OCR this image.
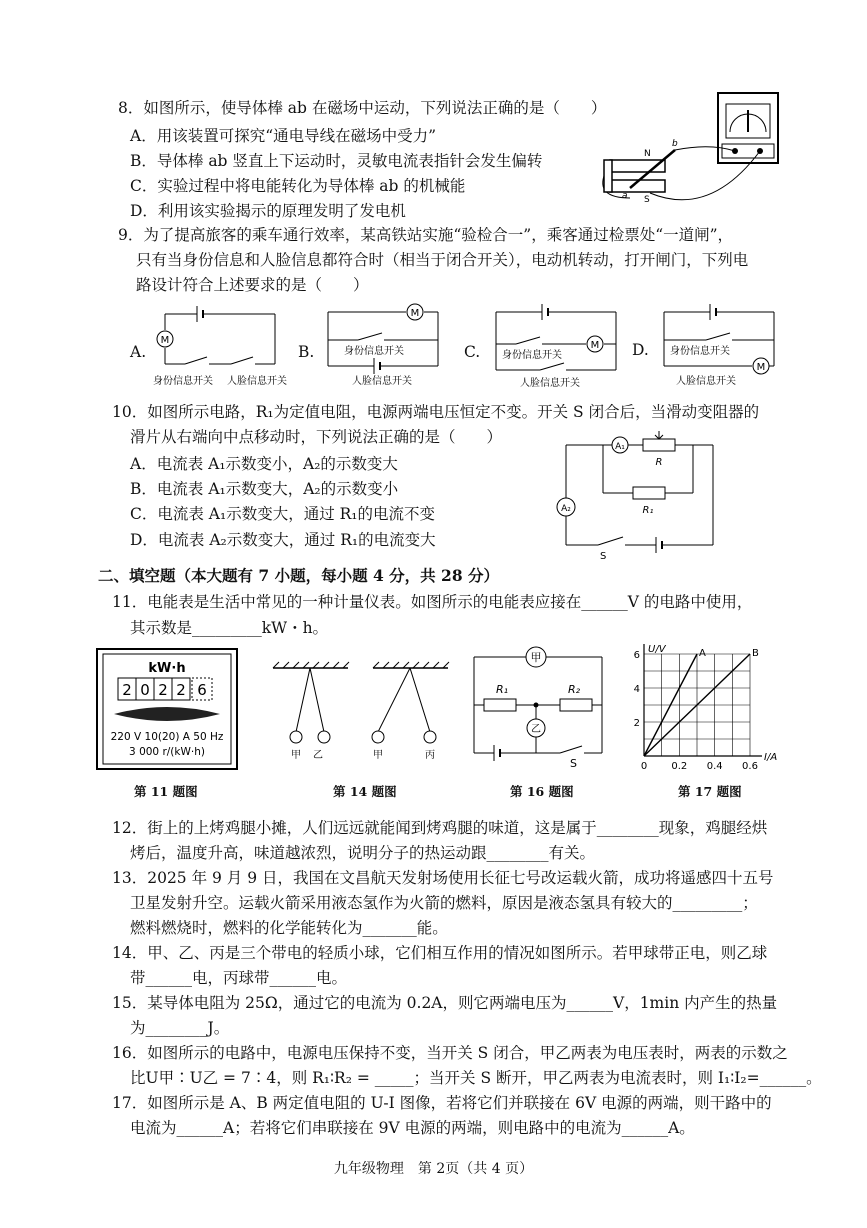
8．如图所示，使导体棒 ab 在磁场中运动，下列说法正确的是（　　）
A．用该装置可探究“通电导线在磁场中受力”
B．导体棒 ab 竖直上下运动时，灵敏电流表指针会发生偏转
C．实验过程中将电能转化为导体棒 ab 的机械能
D．利用该实验揭示的原理发明了发电机
N
S
a
b
9．为了提高旅客的乘车通行效率，某高铁站实施“验检合一”，乘客通过检票处“一道闸”，
只有当身份信息和人脸信息都符合时（相当于闭合开关），电动机转动，打开闸门，下列电
路设计符合上述要求的是（　　）
A.
M
身份信息开关 人脸信息开关
B.
M
身份信息开关
人脸信息开关
C.	M
身份信息开关
人脸信息开关
D. 身份信息开关
M
人脸信息开关
10．如图所示电路，R₁为定值电阻，电源两端电压恒定不变。开关 S 闭合后，当滑动变阻器的
滑片从右端向中点移动时，下列说法正确的是（　　）
A．电流表 A₁示数变小，A₂的示数变大
B．电流表 A₁示数变大，A₂的示数变小
C．电流表 A₁示数变大，通过 R₁的电流不变
D．电流表 A₂示数变大，通过 R₁的电流变大
S
A₂
A₁
R
R₁
二、填空题（本大题有 7 小题，每小题 4 分，共 28 分）
11．电能表是生活中常见的一种计量仪表。如图所示的电能表应接在______V 的电路中使用，
其示数是_________kW・h。
kW·h
2 0 2 2 6
220 V 10(20) A 50 Hz
3 000 r/(kW·h)	甲 乙	甲	丙
甲
R₁	R₂
乙
S	I/A
U/V	A	B
0 0.2 0.4 0.6
2
4
6
第 11 题图	第 14 题图	第 16 题图	第 17 题图
12．街上的上烤鸡腿小摊，人们远远就能闻到烤鸡腿的味道，这是属于________现象，鸡腿经烘
烤后，温度升高，味道越浓烈，说明分子的热运动跟________有关。
13．2025 年 9 月 9 日，我国在文昌航天发射场使用长征七号改运载火箭，成功将遥感四十五号
卫星发射升空。运载火箭采用液态氢作为火箭的燃料，原因是液态氢具有较大的_________；
燃料燃烧时，燃料的化学能转化为_______能。
14．甲、乙、丙是三个带电的轻质小球，它们相互作用的情况如图所示。若甲球带正电，则乙球
带______电，丙球带______电。
15．某导体电阻为 25Ω，通过它的电流为 0.2A，则它两端电压为______V，1min 内产生的热量
为________J。
16．如图所示的电路中，电源电压保持不变，当开关 S 闭合，甲乙两表为电压表时，两表的示数之
比U甲∶U乙 = 7∶4，则 R₁∶R₂ = _____；当开关 S 断开，甲乙两表为电流表时，则 I₁∶I₂=______。
17．如图所示是 A、B 两定值电阻的 U-I 图像，若将它们并联接在 6V 电源的两端，则干路中的
电流为______A；若将它们串联接在 9V 电源的两端，则电路中的电流为______A。
九年级物理　第 2页（共 4 页）
